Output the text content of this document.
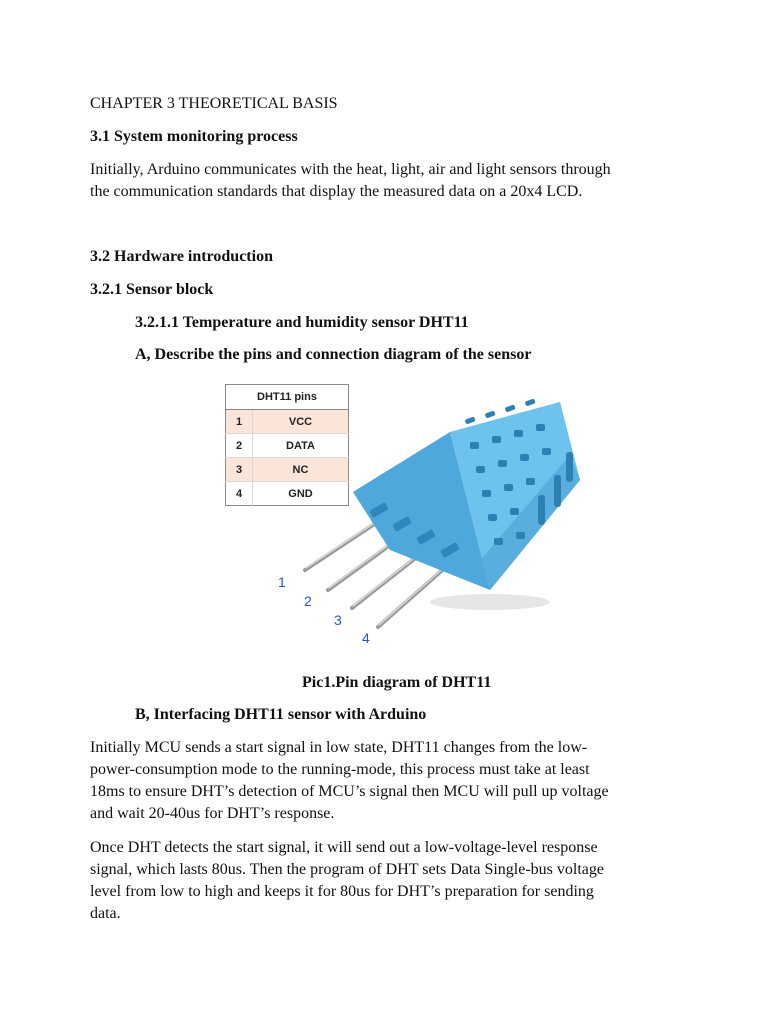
CHAPTER 3 THEORETICAL BASIS
3.1 System monitoring process
Initially, Arduino communicates with the heat, light, air and light sensors through
the communication standards that display the measured data on a 20x4 LCD.
3.2 Hardware introduction
3.2.1 Sensor block
3.2.1.1 Temperature and humidity sensor DHT11
A, Describe the pins and connection diagram of the sensor
DHT11 pins	
1	VCC
2	DATA
3	NC
4	GND
1
2
3
4
Pic1.Pin diagram of DHT11
B, Interfacing DHT11 sensor with Arduino
Initially MCU sends a start signal in low state, DHT11 changes from the low-
power-consumption mode to the running-mode, this process must take at least
18ms to ensure DHT’s detection of MCU’s signal then MCU will pull up voltage
and wait 20-40us for DHT’s response.
Once DHT detects the start signal, it will send out a low-voltage-level response
signal, which lasts 80us. Then the program of DHT sets Data Single-bus voltage
level from low to high and keeps it for 80us for DHT’s preparation for sending
data.
